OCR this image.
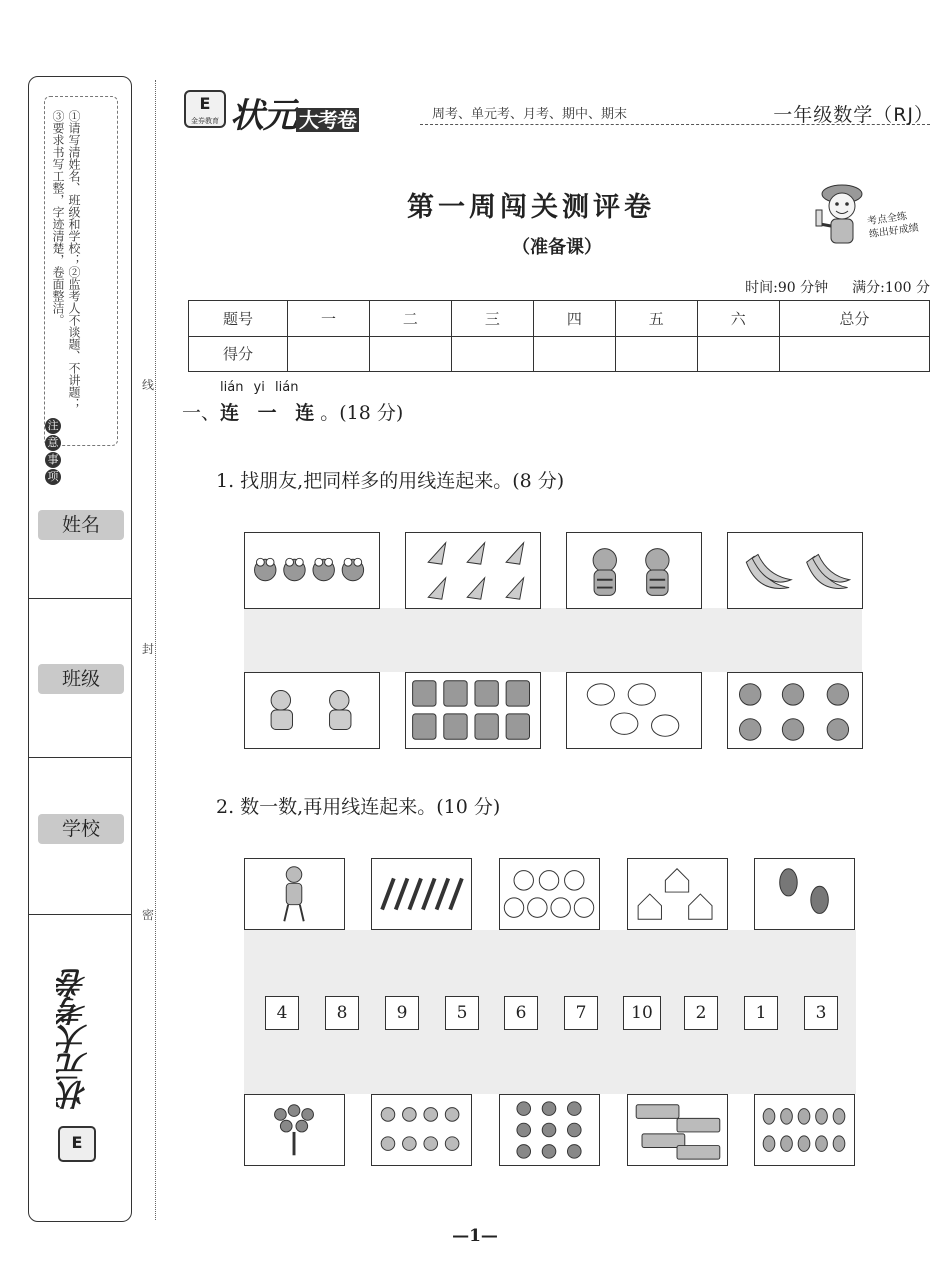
①请写清姓名、班级和学校；②监考人不谈题、不讲题；③要求书写工整，字迹清楚，卷面整洁。
注
意
事
项
姓名
班级
学校
E
状元大考卷
线
封
密
E
金券教育 状元 大考卷	周考、单元考、月考、期中、期末	一年级数学（RJ）
第一周闯关测评卷
（准备课）
考点全练
练出好成绩
时间:90 分钟 满分:100 分
题号	一	二	三	四	五	六	总分
得分							
lián yi lián
一、连 一 连。(18 分)
1. 找朋友,把同样多的用线连起来。(8 分)
2. 数一数,再用线连起来。(10 分)
4	8	9	5	6	7	10	2	1	3
—1—
